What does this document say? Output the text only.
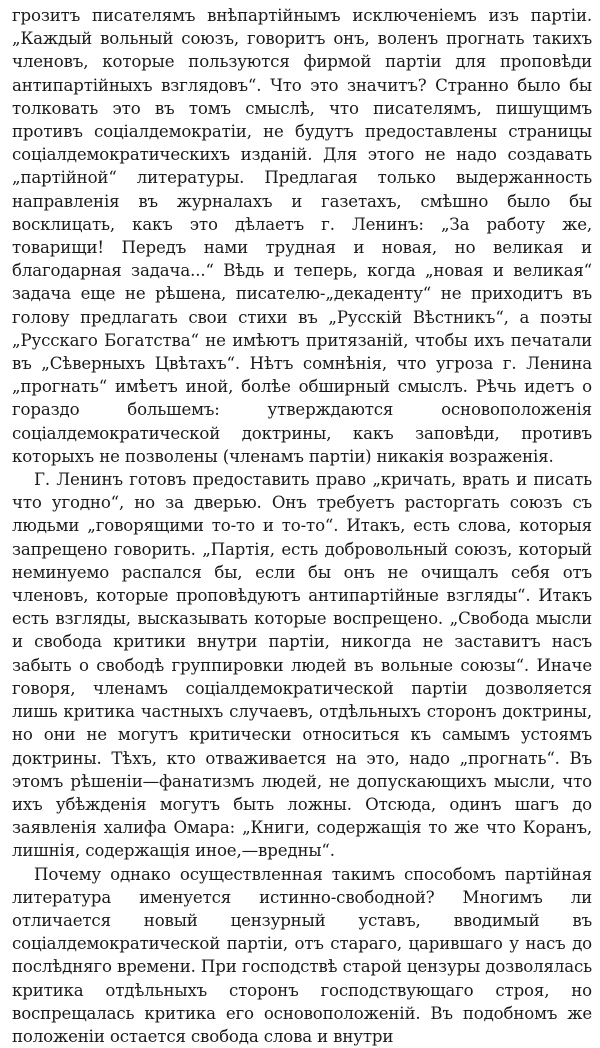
грозитъ писателямъ внѣпартійнымъ исключеніемъ изъ партіи. „Каждый вольный союзъ, говоритъ онъ, воленъ прогнать такихъ членовъ, которые пользуются фирмой партіи для проповѣди антипартійныхъ взглядовъ“. Что это значитъ? Странно было бы толковать это въ томъ смыслѣ, что писателямъ, пишущимъ противъ соціалдемократіи, не будутъ предоставлены страницы соціалдемократическихъ изданій. Для этого не надо создавать „партійной“ литературы. Предлагая только выдержанность направленія въ журналахъ и газетахъ, смѣшно было бы восклицать, какъ это дѣлаетъ г. Ленинъ: „За работу же, товарищи! Передъ нами трудная и новая, но великая и благодарная задача...“ Вѣдь и теперь, когда „новая и великая“ задача еще не рѣшена, писателю-„декаденту“ не приходитъ въ голову предлагать свои стихи въ „Русскій Вѣстникъ“, а поэты „Русскаго Богатства“ не имѣютъ притязаній, чтобы ихъ печатали въ „Сѣверныхъ Цвѣтахъ“. Нѣтъ сомнѣнія, что угроза г. Ленина „прогнать“ имѣетъ иной, болѣе обширный смыслъ. Рѣчь идетъ о гораздо большемъ: утверждаются основоположенія соціалдемократической доктрины, какъ заповѣди, противъ которыхъ не позволены (членамъ партіи) никакія возраженія.

Г. Ленинъ готовъ предоставить право „кричать, врать и писать что угодно“, но за дверью. Онъ требуетъ расторгать союзъ съ людьми „говорящими то-то и то-то“. Итакъ, есть слова, которыя запрещено говорить. „Партія, есть добровольный союзъ, который неминуемо распался бы, если бы онъ не очищалъ себя отъ членовъ, которые проповѣдуютъ антипартійные взгляды“. Итакъ есть взгляды, высказывать которые воспрещено. „Свобода мысли и свобода критики внутри партіи, никогда не заставитъ насъ забыть о свободѣ группировки людей въ вольные союзы“. Иначе говоря, членамъ соціалдемократической партіи дозволяется лишь критика частныхъ случаевъ, отдѣльныхъ сторонъ доктрины, но они не могутъ критически относиться къ самымъ устоямъ доктрины. Тѣхъ, кто отваживается на это, надо „прогнать“. Въ этомъ рѣшеніи—фанатизмъ людей, не допускающихъ мысли, что ихъ убѣжденія могутъ быть ложны. Отсюда, одинъ шагъ до заявленія халифа Омара: „Книги, содержащія то же что Коранъ, лишнія, содержащія иное,—вредны“.

Почему однако осуществленная такимъ способомъ партійная литература именуется истинно-свободной? Многимъ ли отличается новый цензурный уставъ, вводимый въ соціалдемократической партіи, отъ стараго, царившаго у насъ до послѣдняго времени. При господствѣ старой цензуры дозволялась критика отдѣльныхъ сторонъ господствующаго строя, но воспрещалась критика его основоположеній. Въ подобномъ же положеніи остается свобода слова и внутри
